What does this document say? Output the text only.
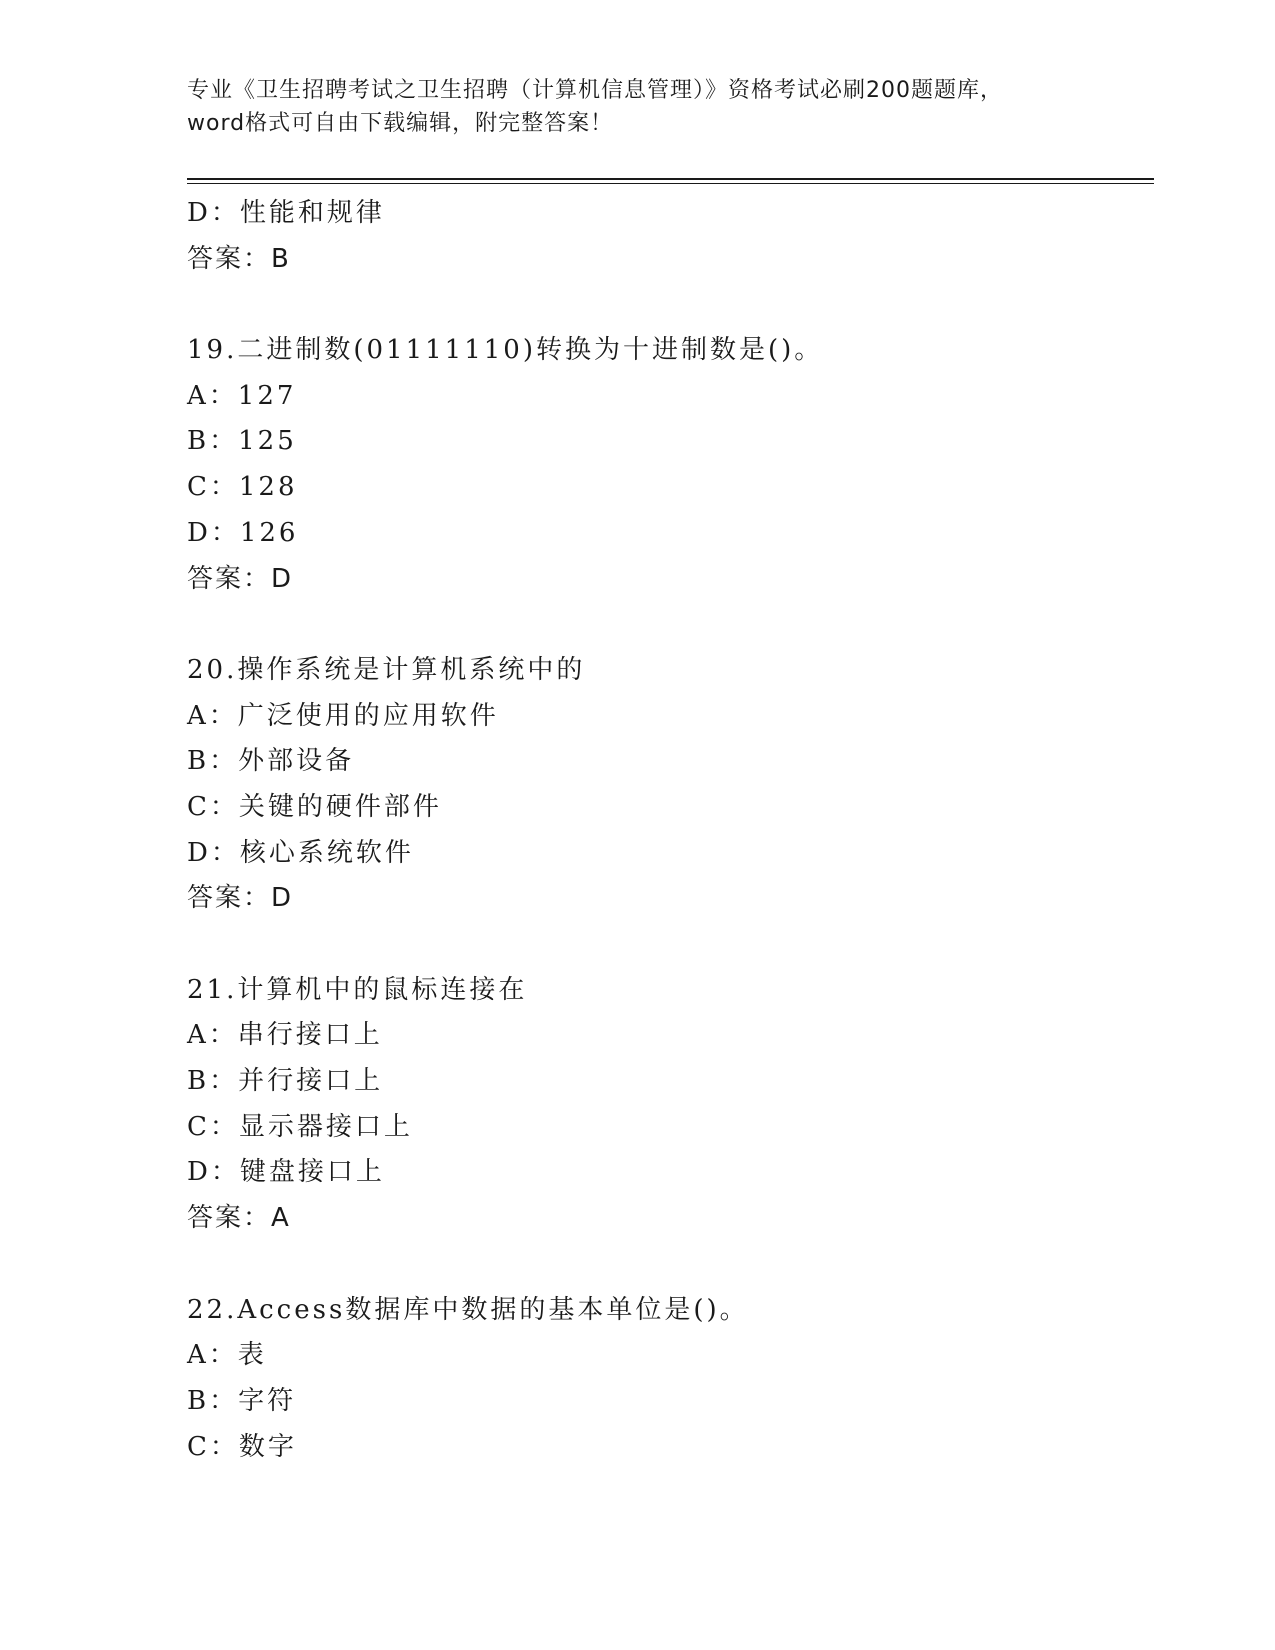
专业《卫生招聘考试之卫生招聘（计算机信息管理）》资格考试必刷200题题库，
word格式可自由下载编辑，附完整答案！
D：性能和规律
答案：B
19.二进制数(01111110)转换为十进制数是()。
A：127
B：125
C：128
D：126
答案：D
20.操作系统是计算机系统中的
A：广泛使用的应用软件
B：外部设备
C：关键的硬件部件
D：核心系统软件
答案：D
21.计算机中的鼠标连接在
A：串行接口上
B：并行接口上
C：显示器接口上
D：键盘接口上
答案：A
22.Access数据库中数据的基本单位是()。
A：表
B：字符
C：数字
